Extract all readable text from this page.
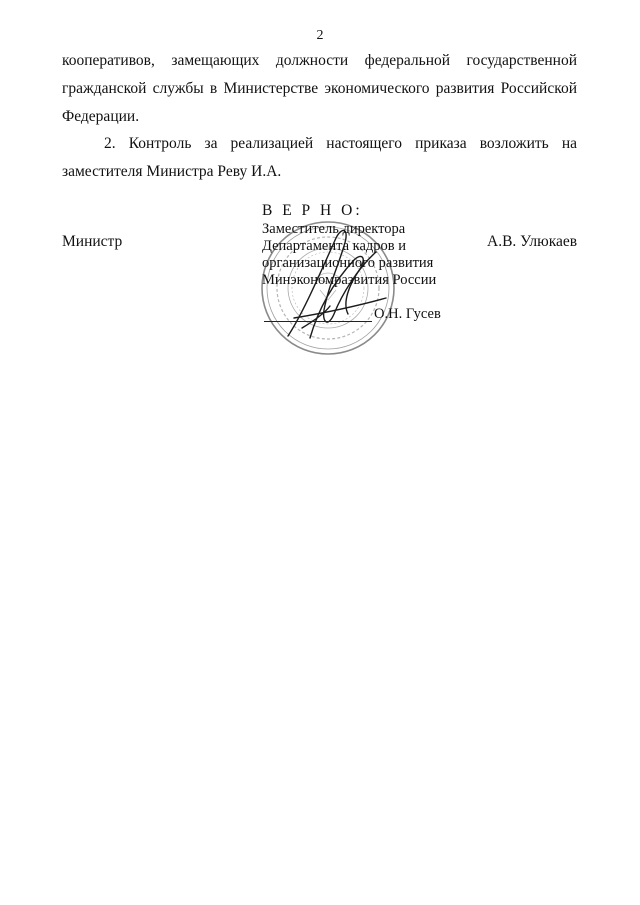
2
кооперативов, замещающих должности федеральной государственной
гражданской службы в Министерстве экономического развития Российской
Федерации.
2. Контроль за реализацией настоящего приказа возложить на
заместителя Министра Реву И.А.
Министр	А.В. Улюкаев
В Е Р Н О:
Заместитель директора
Департамента кадров и
организационного развития
Минэкономразвития России
О.Н. Гусев
